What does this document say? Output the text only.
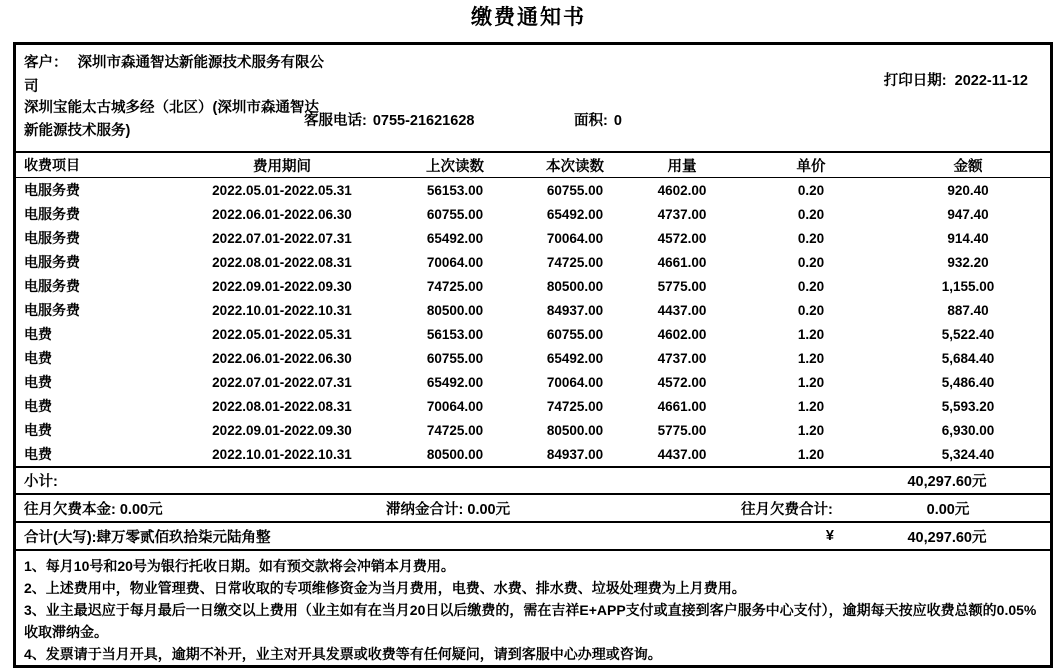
缴费通知书
客户： 深圳市森通智达新能源技术服务有限公司	打印日期: 2022-11-12
深圳宝能太古城多经（北区）(深圳市森通智达新能源技术服务)
客服电话: 0755-21621628	面积: 0
收费项目	费用期间	上次读数	本次读数	用量	单价	金额
电服务费	2022.05.01-2022.05.31	56153.00	60755.00	4602.00	0.20	920.40
电服务费	2022.06.01-2022.06.30	60755.00	65492.00	4737.00	0.20	947.40
电服务费	2022.07.01-2022.07.31	65492.00	70064.00	4572.00	0.20	914.40
电服务费	2022.08.01-2022.08.31	70064.00	74725.00	4661.00	0.20	932.20
电服务费	2022.09.01-2022.09.30	74725.00	80500.00	5775.00	0.20	1,155.00
电服务费	2022.10.01-2022.10.31	80500.00	84937.00	4437.00	0.20	887.40
电费	2022.05.01-2022.05.31	56153.00	60755.00	4602.00	1.20	5,522.40
电费	2022.06.01-2022.06.30	60755.00	65492.00	4737.00	1.20	5,684.40
电费	2022.07.01-2022.07.31	65492.00	70064.00	4572.00	1.20	5,486.40
电费	2022.08.01-2022.08.31	70064.00	74725.00	4661.00	1.20	5,593.20
电费	2022.09.01-2022.09.30	74725.00	80500.00	5775.00	1.20	6,930.00
电费	2022.10.01-2022.10.31	80500.00	84937.00	4437.00	1.20	5,324.40
小计:	40,297.60元
往月欠费本金: 0.00元	滞纳金合计: 0.00元	往月欠费合计:	0.00元
合计(大写):肆万零贰佰玖拾柒元陆角整	¥	40,297.60元
1、每月10号和20号为银行托收日期。如有预交款将会冲销本月费用。
2、上述费用中，物业管理费、日常收取的专项维修资金为当月费用，电费、水费、排水费、垃圾处理费为上月费用。
3、业主最迟应于每月最后一日缴交以上费用（业主如有在当月20日以后缴费的，需在吉祥E+APP支付或直接到客户服务中心支付），逾期每天按应收费总额的0.05%收取滞纳金。
4、发票请于当月开具，逾期不补开，业主对开具发票或收费等有任何疑问，请到客服中心办理或咨询。
